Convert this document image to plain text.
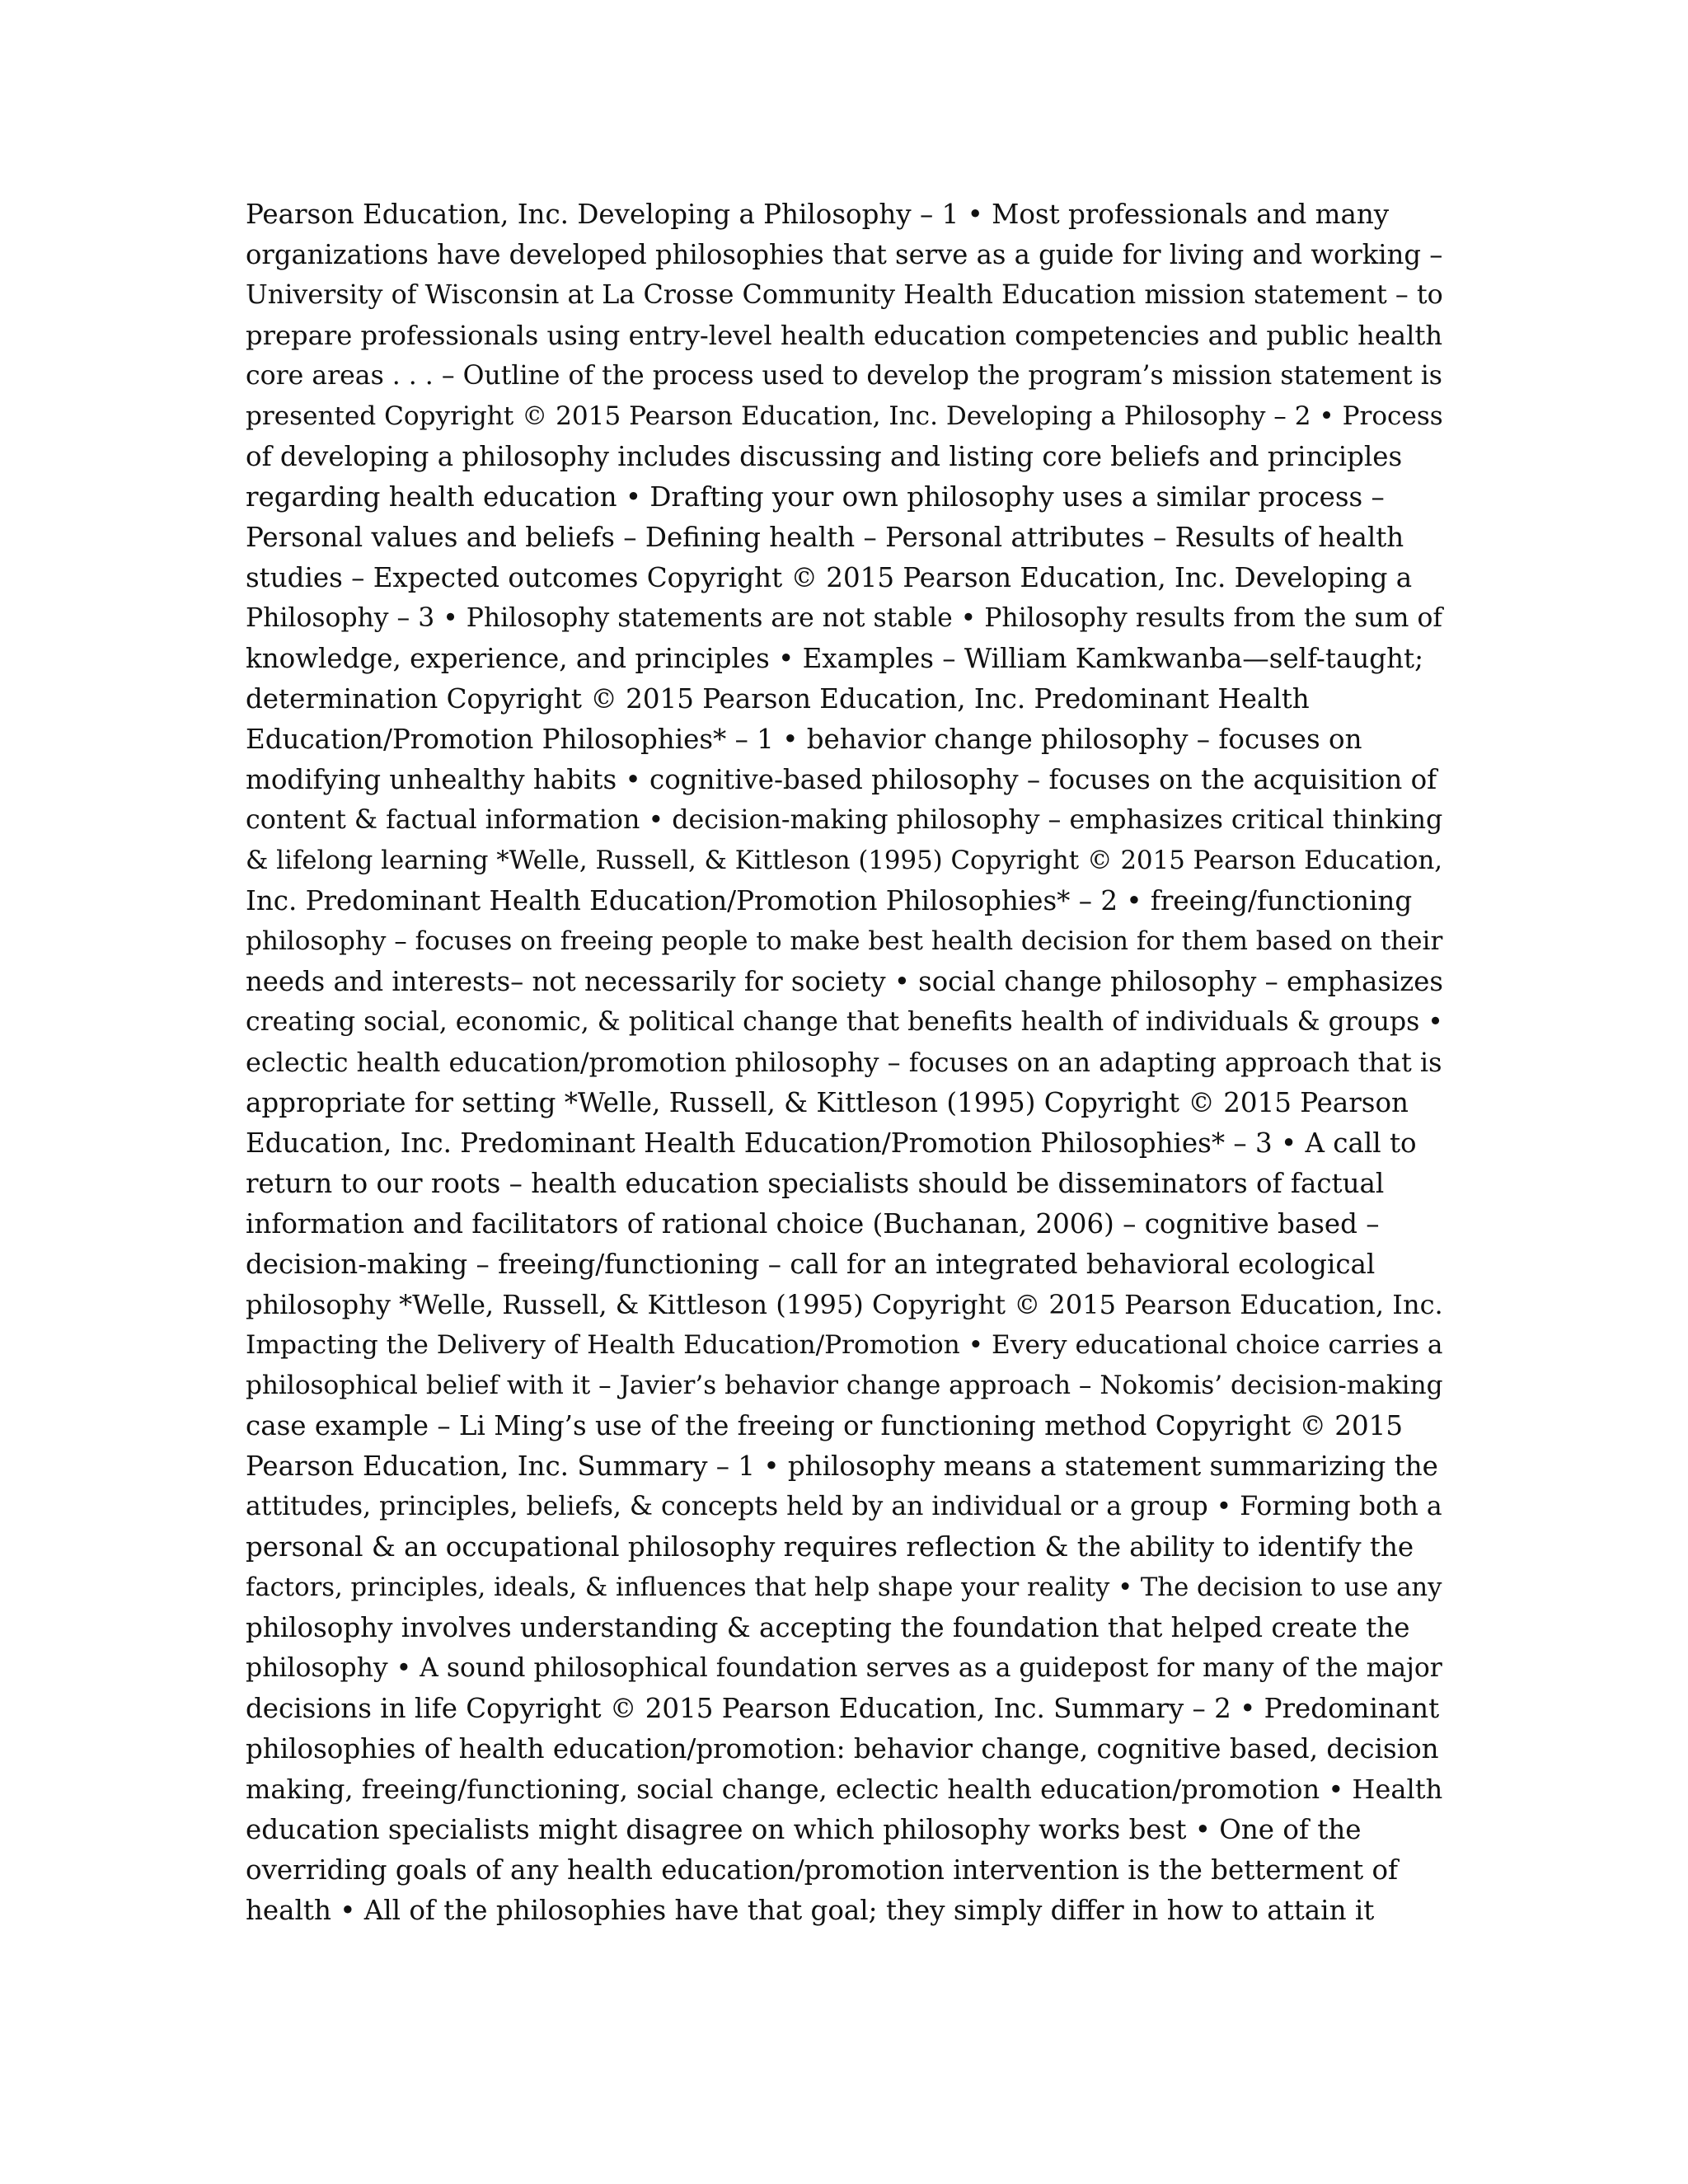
Pearson Education, Inc. Developing a Philosophy – 1 • Most professionals and many
organizations have developed philosophies that serve as a guide for living and working –
University of Wisconsin at La Crosse Community Health Education mission statement – to
prepare professionals using entry-level health education competencies and public health
core areas . . . – Outline of the process used to develop the program’s mission statement is
presented Copyright © 2015 Pearson Education, Inc. Developing a Philosophy – 2 • Process
of developing a philosophy includes discussing and listing core beliefs and principles
regarding health education • Drafting your own philosophy uses a similar process –
Personal values and beliefs – Defining health – Personal attributes – Results of health
studies – Expected outcomes Copyright © 2015 Pearson Education, Inc. Developing a
Philosophy – 3 • Philosophy statements are not stable • Philosophy results from the sum of
knowledge, experience, and principles • Examples – William Kamkwanba—self-taught;
determination Copyright © 2015 Pearson Education, Inc. Predominant Health
Education/Promotion Philosophies* – 1 • behavior change philosophy – focuses on
modifying unhealthy habits • cognitive-based philosophy – focuses on the acquisition of
content & factual information • decision-making philosophy – emphasizes critical thinking
& lifelong learning *Welle, Russell, & Kittleson (1995) Copyright © 2015 Pearson Education,
Inc. Predominant Health Education/Promotion Philosophies* – 2 • freeing/functioning
philosophy – focuses on freeing people to make best health decision for them based on their
needs and interests– not necessarily for society • social change philosophy – emphasizes
creating social, economic, & political change that benefits health of individuals & groups •
eclectic health education/promotion philosophy – focuses on an adapting approach that is
appropriate for setting *Welle, Russell, & Kittleson (1995) Copyright © 2015 Pearson
Education, Inc. Predominant Health Education/Promotion Philosophies* – 3 • A call to
return to our roots – health education specialists should be disseminators of factual
information and facilitators of rational choice (Buchanan, 2006) – cognitive based –
decision-making – freeing/functioning – call for an integrated behavioral ecological
philosophy *Welle, Russell, & Kittleson (1995) Copyright © 2015 Pearson Education, Inc.
Impacting the Delivery of Health Education/Promotion • Every educational choice carries a
philosophical belief with it – Javier’s behavior change approach – Nokomis’ decision-making
case example – Li Ming’s use of the freeing or functioning method Copyright © 2015
Pearson Education, Inc. Summary – 1 • philosophy means a statement summarizing the
attitudes, principles, beliefs, & concepts held by an individual or a group • Forming both a
personal & an occupational philosophy requires reflection & the ability to identify the
factors, principles, ideals, & influences that help shape your reality • The decision to use any
philosophy involves understanding & accepting the foundation that helped create the
philosophy • A sound philosophical foundation serves as a guidepost for many of the major
decisions in life Copyright © 2015 Pearson Education, Inc. Summary – 2 • Predominant
philosophies of health education/promotion: behavior change, cognitive based, decision
making, freeing/functioning, social change, eclectic health education/promotion • Health
education specialists might disagree on which philosophy works best • One of the
overriding goals of any health education/promotion intervention is the betterment of
health • All of the philosophies have that goal; they simply differ in how to attain it
